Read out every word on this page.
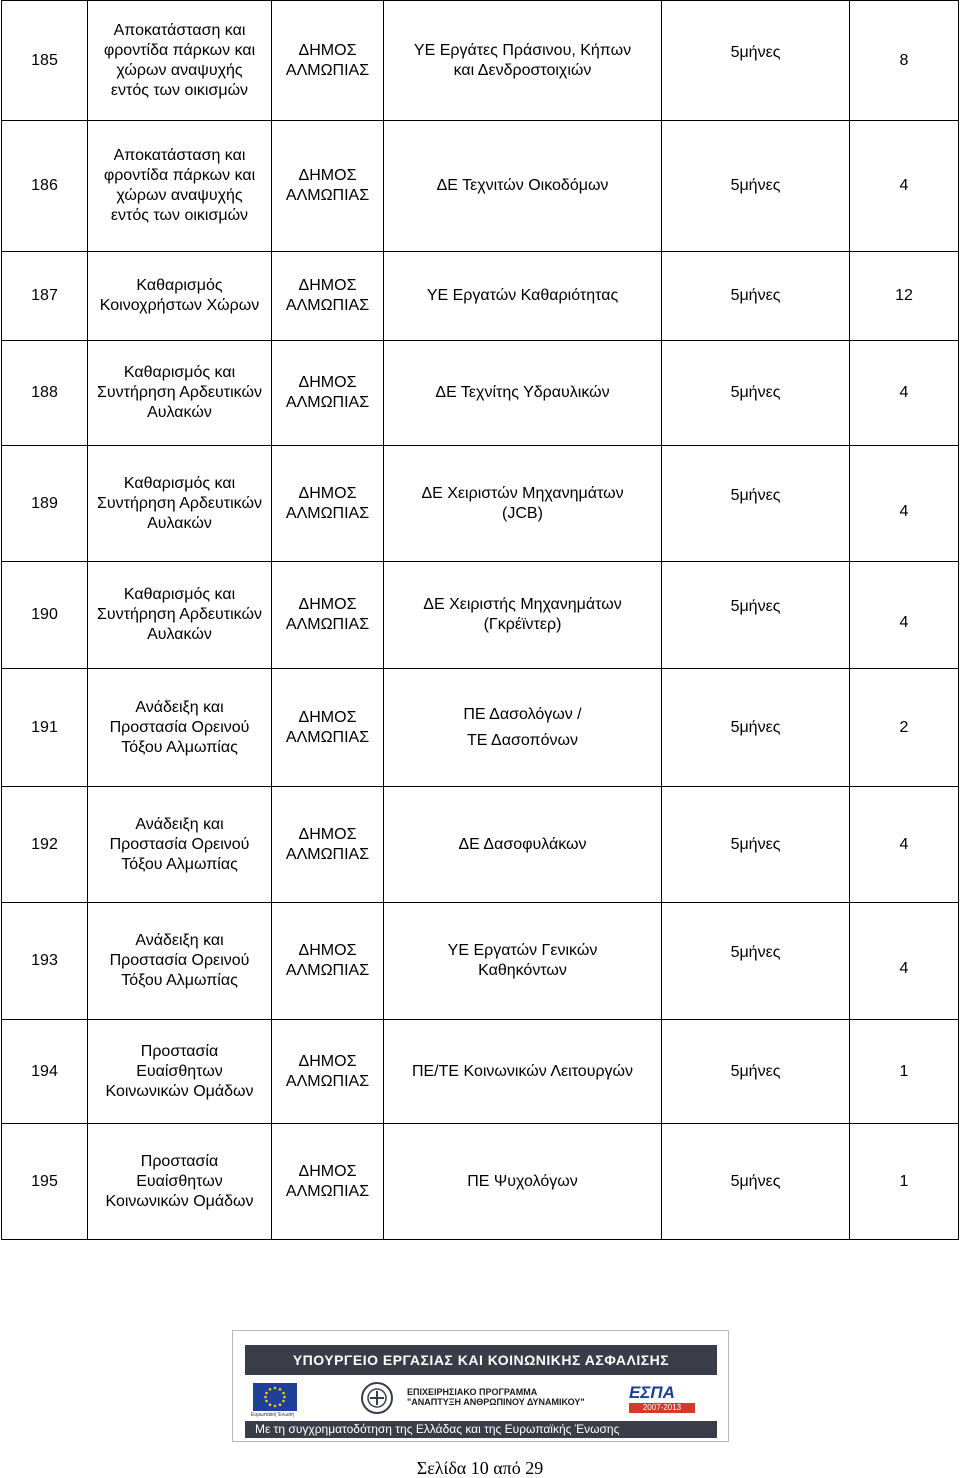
185	Αποκατάσταση και
φροντίδα πάρκων και
χώρων αναψυχής
εντός των οικισμών	ΔΗΜΟΣ
ΑΛΜΩΠΙΑΣ	ΥΕ Εργάτες Πράσινου, Κήπων
και Δενδροστοιχιών	5μήνες	8
186	Αποκατάσταση και
φροντίδα πάρκων και
χώρων αναψυχής
εντός των οικισμών	ΔΗΜΟΣ
ΑΛΜΩΠΙΑΣ	ΔΕ Τεχνιτών Οικοδόμων	5μήνες	4
187	Καθαρισμός
Κοινοχρήστων Χώρων	ΔΗΜΟΣ
ΑΛΜΩΠΙΑΣ	ΥΕ Εργατών Καθαριότητας	5μήνες	12
188	Καθαρισμός και
Συντήρηση Αρδευτικών
Αυλακών	ΔΗΜΟΣ
ΑΛΜΩΠΙΑΣ	ΔΕ Τεχνίτης Υδραυλικών	5μήνες	4
189	Καθαρισμός και
Συντήρηση Αρδευτικών
Αυλακών	ΔΗΜΟΣ
ΑΛΜΩΠΙΑΣ	ΔΕ Χειριστών Μηχανημάτων
(JCB)	5μήνες	4
190	Καθαρισμός και
Συντήρηση Αρδευτικών
Αυλακών	ΔΗΜΟΣ
ΑΛΜΩΠΙΑΣ	ΔΕ Χειριστής Μηχανημάτων
(Γκρέϊντερ)	5μήνες	4
191	Ανάδειξη και
Προστασία Ορεινού
Τόξου Αλμωπίας	ΔΗΜΟΣ
ΑΛΜΩΠΙΑΣ	ΠΕ Δασολόγων /
ΤΕ Δασοπόνων	5μήνες	2
192	Ανάδειξη και
Προστασία Ορεινού
Τόξου Αλμωπίας	ΔΗΜΟΣ
ΑΛΜΩΠΙΑΣ	ΔΕ Δασοφυλάκων	5μήνες	4
193	Ανάδειξη και
Προστασία Ορεινού
Τόξου Αλμωπίας	ΔΗΜΟΣ
ΑΛΜΩΠΙΑΣ	ΥΕ Εργατών Γενικών
Καθηκόντων	5μήνες	4
194	Προστασία
Ευαίσθητων
Κοινωνικών Ομάδων	ΔΗΜΟΣ
ΑΛΜΩΠΙΑΣ	ΠΕ/ΤΕ Κοινωνικών Λειτουργών	5μήνες	1
195	Προστασία
Ευαίσθητων
Κοινωνικών Ομάδων	ΔΗΜΟΣ
ΑΛΜΩΠΙΑΣ	ΠΕ Ψυχολόγων	5μήνες	1
ΥΠΟΥΡΓΕΙΟ ΕΡΓΑΣΙΑΣ ΚΑΙ ΚΟΙΝΩΝΙΚΗΣ ΑΣΦΑΛΙΣΗΣ
Ευρωπαϊκή Ένωση
ΕΠΙΧΕΙΡΗΣΙΑΚΟ ΠΡΟΓΡΑΜΜΑ
"ΑΝΑΠΤΥΞΗ ΑΝΘΡΩΠΙΝΟΥ ΔΥΝΑΜΙΚΟΥ"	ΕΣΠΑ
2007-2013
Με τη συγχρηματοδότηση της Ελλάδας και της Ευρωπαϊκής Ένωσης
Σελίδα 10 από 29
